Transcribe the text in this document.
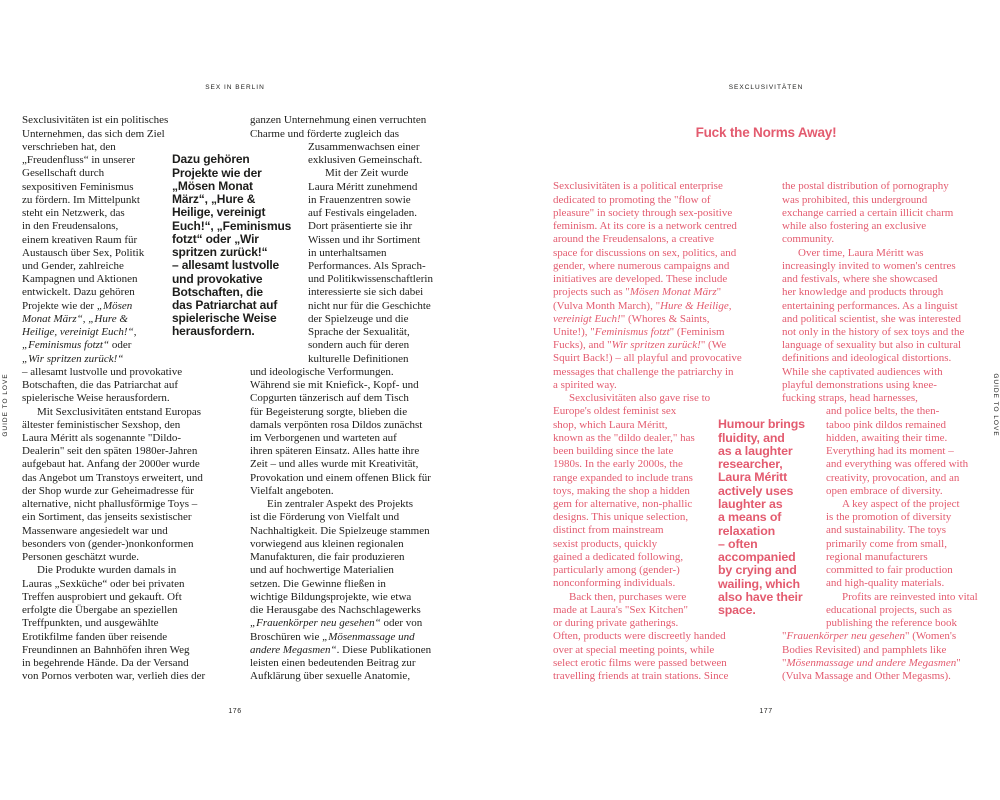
SEX IN BERLIN
GUIDE TO LOVE
Sexclusivitäten ist ein politisches
Unternehmen, das sich dem Ziel
verschrieben hat, den
„Freudenfluss“ in unserer
Gesellschaft durch
sexpositiven Feminismus
zu fördern. Im Mittelpunkt
steht ein Netzwerk, das
in den Freudensalons,
einem kreativen Raum für
Austausch über Sex, Politik
und Gender, zahlreiche
Kampagnen und Aktionen
entwickelt. Dazu gehören
Projekte wie der „Mösen
Monat März“, „Hure &
Heilige, vereinigt Euch!“,
„Feminismus fotzt“ oder
„Wir spritzen zurück!“
– allesamt lustvolle und provokative
Botschaften, die das Patriarchat auf
spielerische Weise herausfordern.
Mit Sexclusivitäten entstand Europas
ältester feministischer Sexshop, den
Laura Méritt als sogenannte "Dildo-
Dealerin" seit den späten 1980er-Jahren
aufgebaut hat. Anfang der 2000er wurde
das Angebot um Transtoys erweitert, und
der Shop wurde zur Geheimadresse für
alternative, nicht phallusförmige Toys –
ein Sortiment, das jenseits sexistischer
Massenware angesiedelt war und
besonders von (gender-)nonkonformen
Personen geschätzt wurde.
Die Produkte wurden damals in
Lauras „Sexküche“ oder bei privaten
Treffen ausprobiert und gekauft. Oft
erfolgte die Übergabe an speziellen
Treffpunkten, und ausgewählte
Erotikfilme fanden über reisende
Freundinnen an Bahnhöfen ihren Weg
in begehrende Hände. Da der Versand
von Pornos verboten war, verlieh dies der
ganzen Unternehmung einen verruchten
Charme und förderte zugleich das
Zusammenwachsen einer
exklusiven Gemeinschaft.
Mit der Zeit wurde
Laura Méritt zunehmend
in Frauenzentren sowie
auf Festivals eingeladen.
Dort präsentierte sie ihr
Wissen und ihr Sortiment
in unterhaltsamen
Performances. Als Sprach-
und Politikwissenschaftlerin
interessierte sie sich dabei
nicht nur für die Geschichte
der Spielzeuge und die
Sprache der Sexualität,
sondern auch für deren
kulturelle Definitionen
und ideologische Verformungen.
Während sie mit Kniefick-, Kopf- und
Copgurten tänzerisch auf dem Tisch
für Begeisterung sorgte, blieben die
damals verpönten rosa Dildos zunächst
im Verborgenen und warteten auf
ihren späteren Einsatz. Alles hatte ihre
Zeit – und alles wurde mit Kreativität,
Provokation und einem offenen Blick für
Vielfalt angeboten.
Ein zentraler Aspekt des Projekts
ist die Förderung von Vielfalt und
Nachhaltigkeit. Die Spielzeuge stammen
vorwiegend aus kleinen regionalen
Manufakturen, die fair produzieren
und auf hochwertige Materialien
setzen. Die Gewinne fließen in
wichtige Bildungsprojekte, wie etwa
die Herausgabe des Nachschlagewerks
„Frauenkörper neu gesehen“ oder von
Broschüren wie „Mösenmassage und
andere Megasmen“. Diese Publikationen
leisten einen bedeutenden Beitrag zur
Aufklärung über sexuelle Anatomie,
Dazu gehören
Projekte wie der
„Mösen Monat
März“, „Hure &
Heilige, vereinigt
Euch!“, „Feminismus
fotzt“ oder „Wir
spritzen zurück!“
– allesamt lustvolle
und provokative
Botschaften, die
das Patriarchat auf
spielerische Weise
herausfordern.
176
SEXCLUSIVITÄTEN
Fuck the Norms Away!
Sexclusivitäten is a political enterprise
dedicated to promoting the "flow of
pleasure" in society through sex-positive
feminism. At its core is a network centred
around the Freudensalons, a creative
space for discussions on sex, politics, and
gender, where numerous campaigns and
initiatives are developed. These include
projects such as "Mösen Monat März"
(Vulva Month March), "Hure & Heilige,
vereinigt Euch!" (Whores & Saints,
Unite!), "Feminismus fotzt" (Feminism
Fucks), and "Wir spritzen zurück!" (We
Squirt Back!) – all playful and provocative
messages that challenge the patriarchy in
a spirited way.
Sexclusivitäten also gave rise to
Europe's oldest feminist sex
shop, which Laura Méritt,
known as the "dildo dealer," has
been building since the late
1980s. In the early 2000s, the
range expanded to include trans
toys, making the shop a hidden
gem for alternative, non-phallic
designs. This unique selection,
distinct from mainstream
sexist products, quickly
gained a dedicated following,
particularly among (gender-)
nonconforming individuals.
Back then, purchases were
made at Laura's "Sex Kitchen"
or during private gatherings.
Often, products were discreetly handed
over at special meeting points, while
select erotic films were passed between
travelling friends at train stations. Since
the postal distribution of pornography
was prohibited, this underground
exchange carried a certain illicit charm
while also fostering an exclusive
community.
Over time, Laura Méritt was
increasingly invited to women's centres
and festivals, where she showcased
her knowledge and products through
entertaining performances. As a linguist
and political scientist, she was interested
not only in the history of sex toys and the
language of sexuality but also in cultural
definitions and ideological distortions.
While she captivated audiences with
playful demonstrations using knee-
fucking straps, head harnesses,
and police belts, the then-
taboo pink dildos remained
hidden, awaiting their time.
Everything had its moment –
and everything was offered with
creativity, provocation, and an
open embrace of diversity.
A key aspect of the project
is the promotion of diversity
and sustainability. The toys
primarily come from small,
regional manufacturers
committed to fair production
and high-quality materials.
Profits are reinvested into vital
educational projects, such as
publishing the reference book
"Frauenkörper neu gesehen" (Women's
Bodies Revisited) and pamphlets like
"Mösenmassage und andere Megasmen"
(Vulva Massage and Other Megasms).
Humour brings
fluidity, and
as a laughter
researcher,
Laura Méritt
actively uses
laughter as
a means of
relaxation
– often
accompanied
by crying and
wailing, which
also have their
space.
177
GUIDE TO LOVE
